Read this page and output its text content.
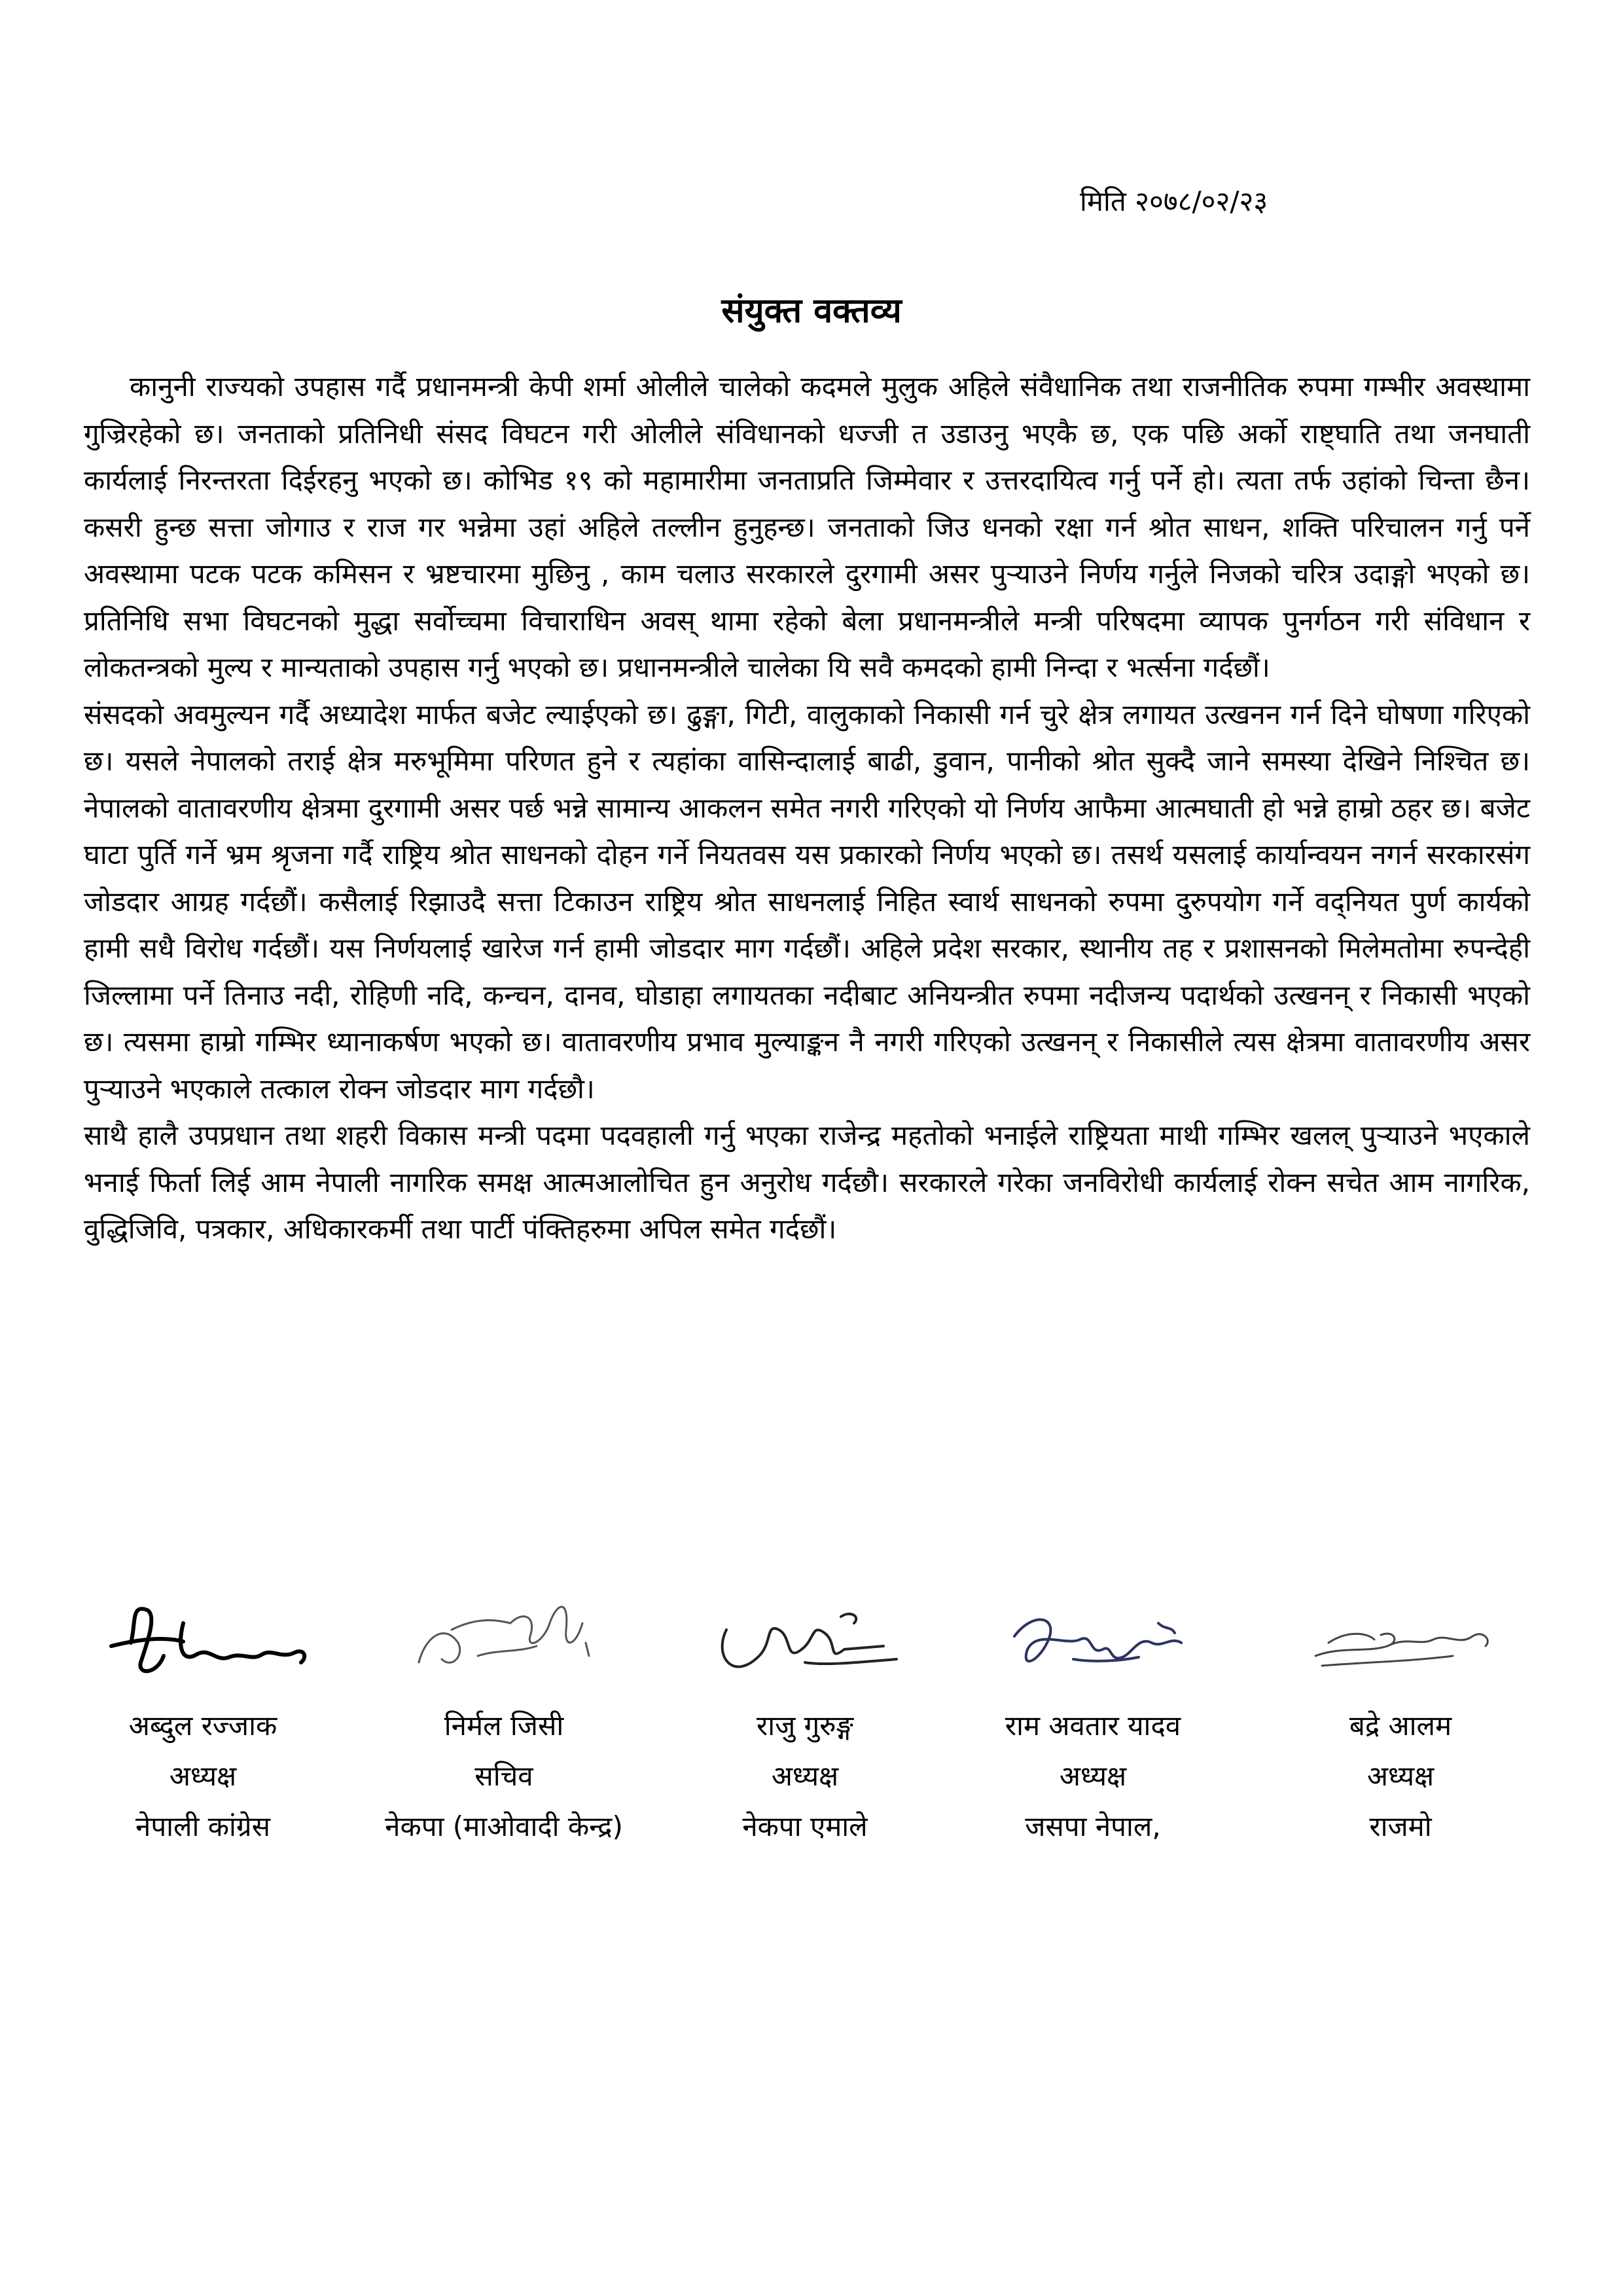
मिति २०७८/०२/२३
संयुक्त वक्तव्य

कानुनी राज्यको उपहास गर्दै प्रधानमन्त्री केपी शर्मा ओलीले चालेको कदमले मुलुक अहिले संवैधानिक तथा राजनीतिक रुपमा गम्भीर अवस्थामा गुज्रिरहेको छ। जनताको प्रतिनिधी संसद विघटन गरी ओलीले संविधानको धज्जी त उडाउनु भएकै छ, एक पछि अर्को राष्ट्घाति तथा जनघाती कार्यलाई निरन्तरता दिईरहनु भएको छ। कोभिड १९ को महामारीमा जनताप्रति जिम्मेवार र उत्तरदायित्व गर्नु पर्ने हो। त्यता तर्फ उहांको चिन्ता छैन। कसरी हुन्छ सत्ता जोगाउ र राज गर भन्नेमा उहां अहिले तल्लीन हुनुहन्छ। जनताको जिउ धनको रक्षा गर्न श्रोत साधन, शक्ति परिचालन गर्नु पर्ने अवस्थामा पटक पटक कमिसन र भ्रष्टचारमा मुछिनु , काम चलाउ सरकारले दुरगामी असर पुऱ्याउने निर्णय गर्नुले निजको चरित्र उदाङ्गो भएको छ। प्रतिनिधि सभा विघटनको मुद्धा सर्वोच्चमा विचाराधिन अवस् थामा रहेको बेला प्रधानमन्त्रीले मन्त्री परिषदमा व्यापक पुनर्गठन गरी संविधान र लोकतन्त्रको मुल्य र मान्यताको उपहास गर्नु भएको छ। प्रधानमन्त्रीले चालेका यि सवै कमदको हामी निन्दा र भर्त्सना गर्दछौं।

संसदको अवमुल्यन गर्दै अध्यादेश मार्फत बजेट ल्याईएको छ। ढुङ्गा, गिटी, वालुकाको निकासी गर्न चुरे क्षेत्र लगायत उत्खनन गर्न दिने घोषणा गरिएको छ। यसले नेपालको तराई क्षेत्र मरुभूमिमा परिणत हुने र त्यहांका वासिन्दालाई बाढी, डुवान, पानीको श्रोत सुक्दै जाने समस्या देखिने निश्चित छ। नेपालको वातावरणीय क्षेत्रमा दुरगामी असर पर्छ भन्ने सामान्य आकलन समेत नगरी गरिएको यो निर्णय आफैमा आत्मघाती हो भन्ने हाम्रो ठहर छ। बजेट घाटा पुर्ति गर्ने भ्रम श्रृजना गर्दै राष्ट्रिय श्रोत साधनको दोहन गर्ने नियतवस यस प्रकारको निर्णय भएको छ। तसर्थ यसलाई कार्यान्वयन नगर्न सरकारसंग जोडदार आग्रह गर्दछौं। कसैलाई रिझाउदै सत्ता टिकाउन राष्ट्रिय श्रोत साधनलाई निहित स्वार्थ साधनको रुपमा दुरुपयोग गर्ने वद्नियत पुर्ण कार्यको हामी सधै विरोध गर्दछौं। यस निर्णयलाई खारेज गर्न हामी जोडदार माग गर्दछौं। अहिले प्रदेश सरकार, स्थानीय तह र प्रशासनको मिलेमतोमा रुपन्देही जिल्लामा पर्ने तिनाउ नदी, रोहिणी नदि, कन्चन, दानव, घोडाहा लगायतका नदीबाट अनियन्त्रीत रुपमा नदीजन्य पदार्थको उत्खनन् र निकासी भएको छ। त्यसमा हाम्रो गम्भिर ध्यानाकर्षण भएको छ। वातावरणीय प्रभाव मुल्याङ्कन नै नगरी गरिएको उत्खनन् र निकासीले त्यस क्षेत्रमा वातावरणीय असर पुऱ्याउने भएकाले तत्काल रोक्न जोडदार माग गर्दछौ।

साथै हालै उपप्रधान तथा शहरी विकास मन्त्री पदमा पदवहाली गर्नु भएका राजेन्द्र महतोको भनाईले राष्ट्रियता माथी गम्भिर खलल् पुऱ्याउने भएकाले भनाई फिर्ता लिई आम नेपाली नागरिक समक्ष आत्मआलोचित हुन अनुरोध गर्दछौ। सरकारले गरेका जनविरोधी कार्यलाई रोक्न सचेत आम नागरिक, वुद्धिजिवि, पत्रकार, अधिकारकर्मी तथा पार्टी पंक्तिहरुमा अपिल समेत गर्दछौं।

अब्दुल रज्जाक
अध्यक्ष
नेपाली कांग्रेस
निर्मल जिसी
सचिव
नेकपा (माओवादी केन्द्र)
राजु गुरुङ्ग
अध्यक्ष
नेकपा एमाले
राम अवतार यादव
अध्यक्ष
जसपा नेपाल,
बद्रे आलम
अध्यक्ष
राजमो
